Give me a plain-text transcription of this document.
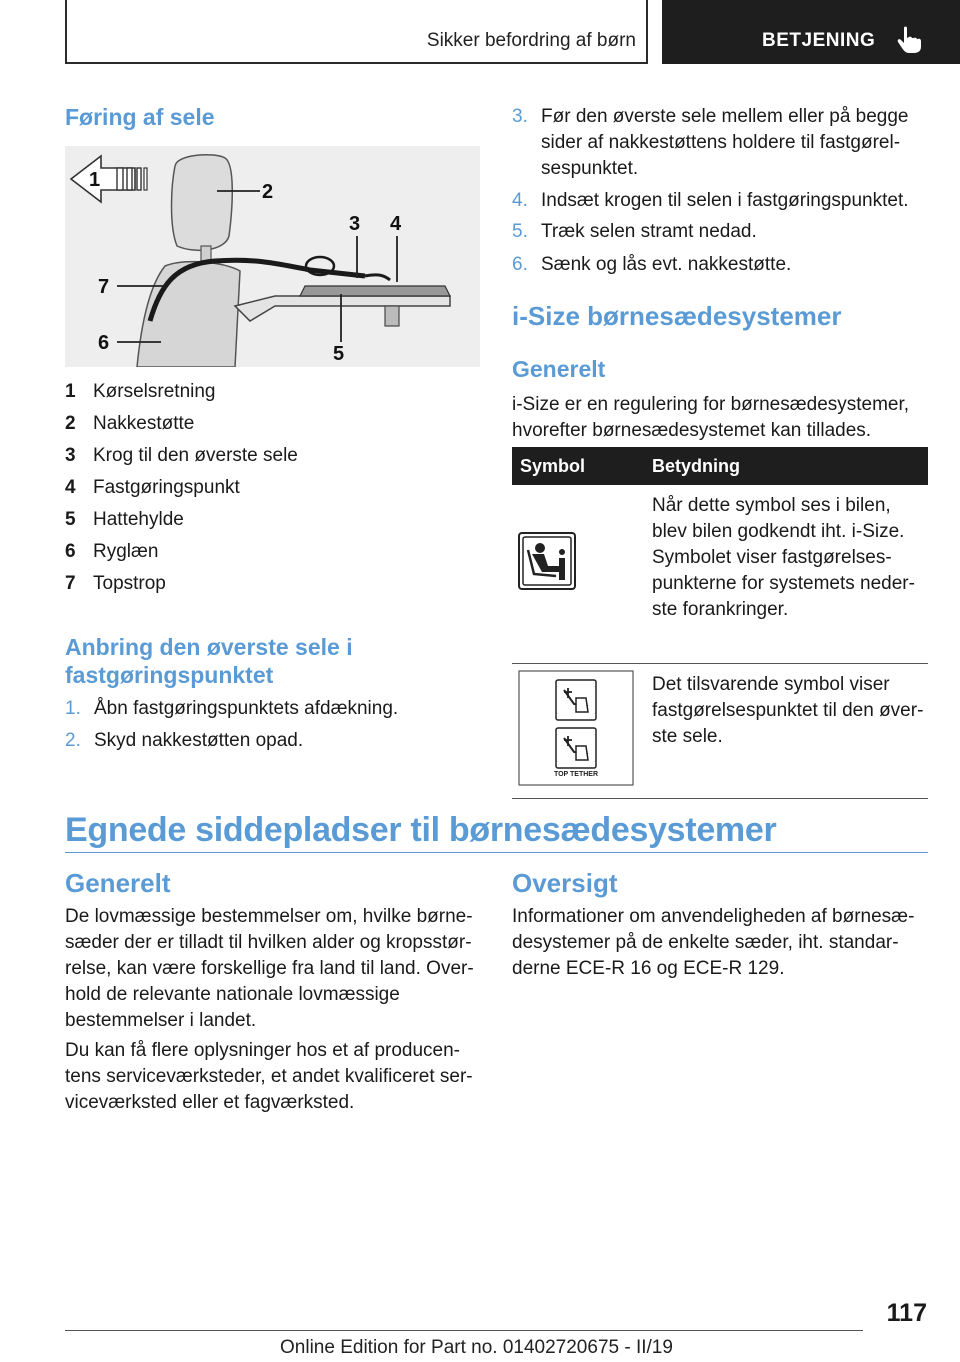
Sikker befordring af børn	BETJENING
Føring af sele
1
2
3 4
5
6
7
1 Kørselsretning
2 Nakkestøtte
3 Krog til den øverste sele
4 Fastgøringspunkt
5 Hattehylde
6 Ryglæn
7 Topstrop
Anbring den øverste sele i
fastgøringspunktet
1. Åbn fastgøringspunktets afdækning.
2. Skyd nakkestøtten opad.
3. Før den øverste sele mellem eller på begge
sider af nakkestøttens holdere til fastgørel-
sespunktet.
4. Indsæt krogen til selen i fastgøringspunktet.
5. Træk selen stramt nedad.
6. Sænk og lås evt. nakkestøtte.
i-Size børnesædesystemer
Generelt
i-Size er en regulering for børnesædesystemer,
hvorefter børnesædesystemet kan tillades.
Symbol	Betydning

Når dette symbol ses i bilen,
blev bilen godkendt iht. i-Size.
Symbolet viser fastgørelses-
punkterne for systemets neder-
ste forankringer.

TOP TETHER	Det tilsvarende symbol viser
fastgørelsespunktet til den øver-
ste sele.
Egnede siddepladser til børnesædesystemer
Generelt
De lovmæssige bestemmelser om, hvilke børne-
sæder der er tilladt til hvilken alder og kropsstør-
relse, kan være forskellige fra land til land. Over-
hold de relevante nationale lovmæssige
bestemmelser i landet.
Du kan få flere oplysninger hos et af producen-
tens serviceværksteder, et andet kvalificeret ser-
viceværksted eller et fagværksted.
Oversigt
Informationer om anvendeligheden af børnesæ-
desystemer på de enkelte sæder, iht. standar-
derne ECE-R 16 og ECE-R 129.
117
Online Edition for Part no. 01402720675 - II/19
